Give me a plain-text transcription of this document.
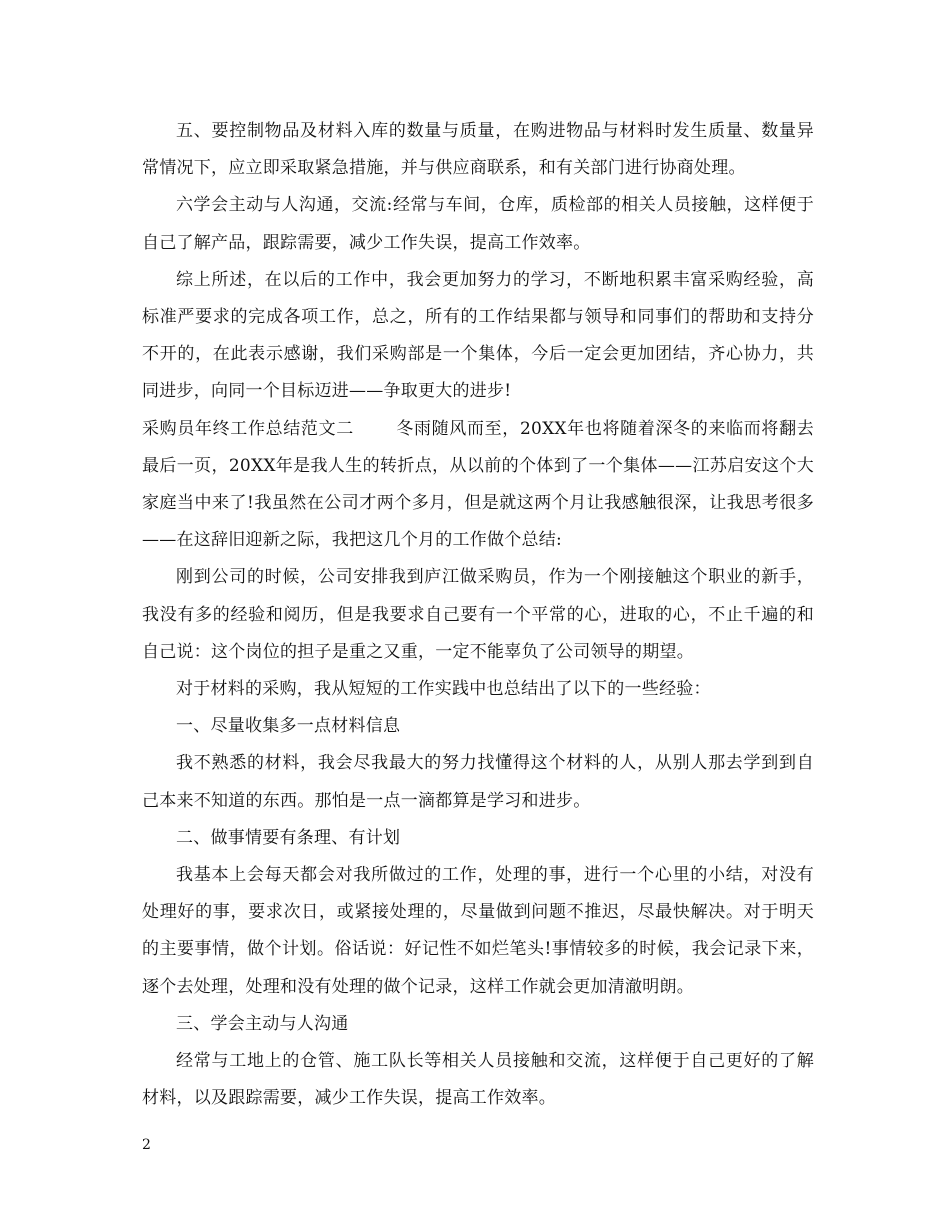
五、要控制物品及材料入库的数量与质量，在购进物品与材料时发生质量、数量异常情况下，应立即采取紧急措施，并与供应商联系，和有关部门进行协商处理。

六学会主动与人沟通，交流:经常与车间，仓库，质检部的相关人员接触，这样便于自己了解产品，跟踪需要，减少工作失误，提高工作效率。

综上所述，在以后的工作中，我会更加努力的学习，不断地积累丰富采购经验，高标准严要求的完成各项工作，总之，所有的工作结果都与领导和同事们的帮助和支持分不开的，在此表示感谢，我们采购部是一个集体，今后一定会更加团结，齐心协力，共同进步，向同一个目标迈进——争取更大的进步!

采购员年终工作总结范文二       冬雨随风而至，20XX年也将随着深冬的来临而将翻去最后一页，20XX年是我人生的转折点，从以前的个体到了一个集体——江苏启安这个大家庭当中来了!我虽然在公司才两个多月，但是就这两个月让我感触很深，让我思考很多——在这辞旧迎新之际，我把这几个月的工作做个总结:

刚到公司的时候，公司安排我到庐江做采购员，作为一个刚接触这个职业的新手，我没有多的经验和阅历，但是我要求自己要有一个平常的心，进取的心，不止千遍的和自己说：这个岗位的担子是重之又重，一定不能辜负了公司领导的期望。

对于材料的采购，我从短短的工作实践中也总结出了以下的一些经验：

一、尽量收集多一点材料信息

我不熟悉的材料，我会尽我最大的努力找懂得这个材料的人，从别人那去学到到自己本来不知道的东西。那怕是一点一滴都算是学习和进步。

二、做事情要有条理、有计划

我基本上会每天都会对我所做过的工作，处理的事，进行一个心里的小结，对没有处理好的事，要求次日，或紧接处理的，尽量做到问题不推迟，尽最快解决。对于明天的主要事情，做个计划。俗话说：好记性不如烂笔头!事情较多的时候，我会记录下来，逐个去处理，处理和没有处理的做个记录，这样工作就会更加清澈明朗。

三、学会主动与人沟通

经常与工地上的仓管、施工队长等相关人员接触和交流，这样便于自己更好的了解材料，以及跟踪需要，减少工作失误，提高工作效率。

2
